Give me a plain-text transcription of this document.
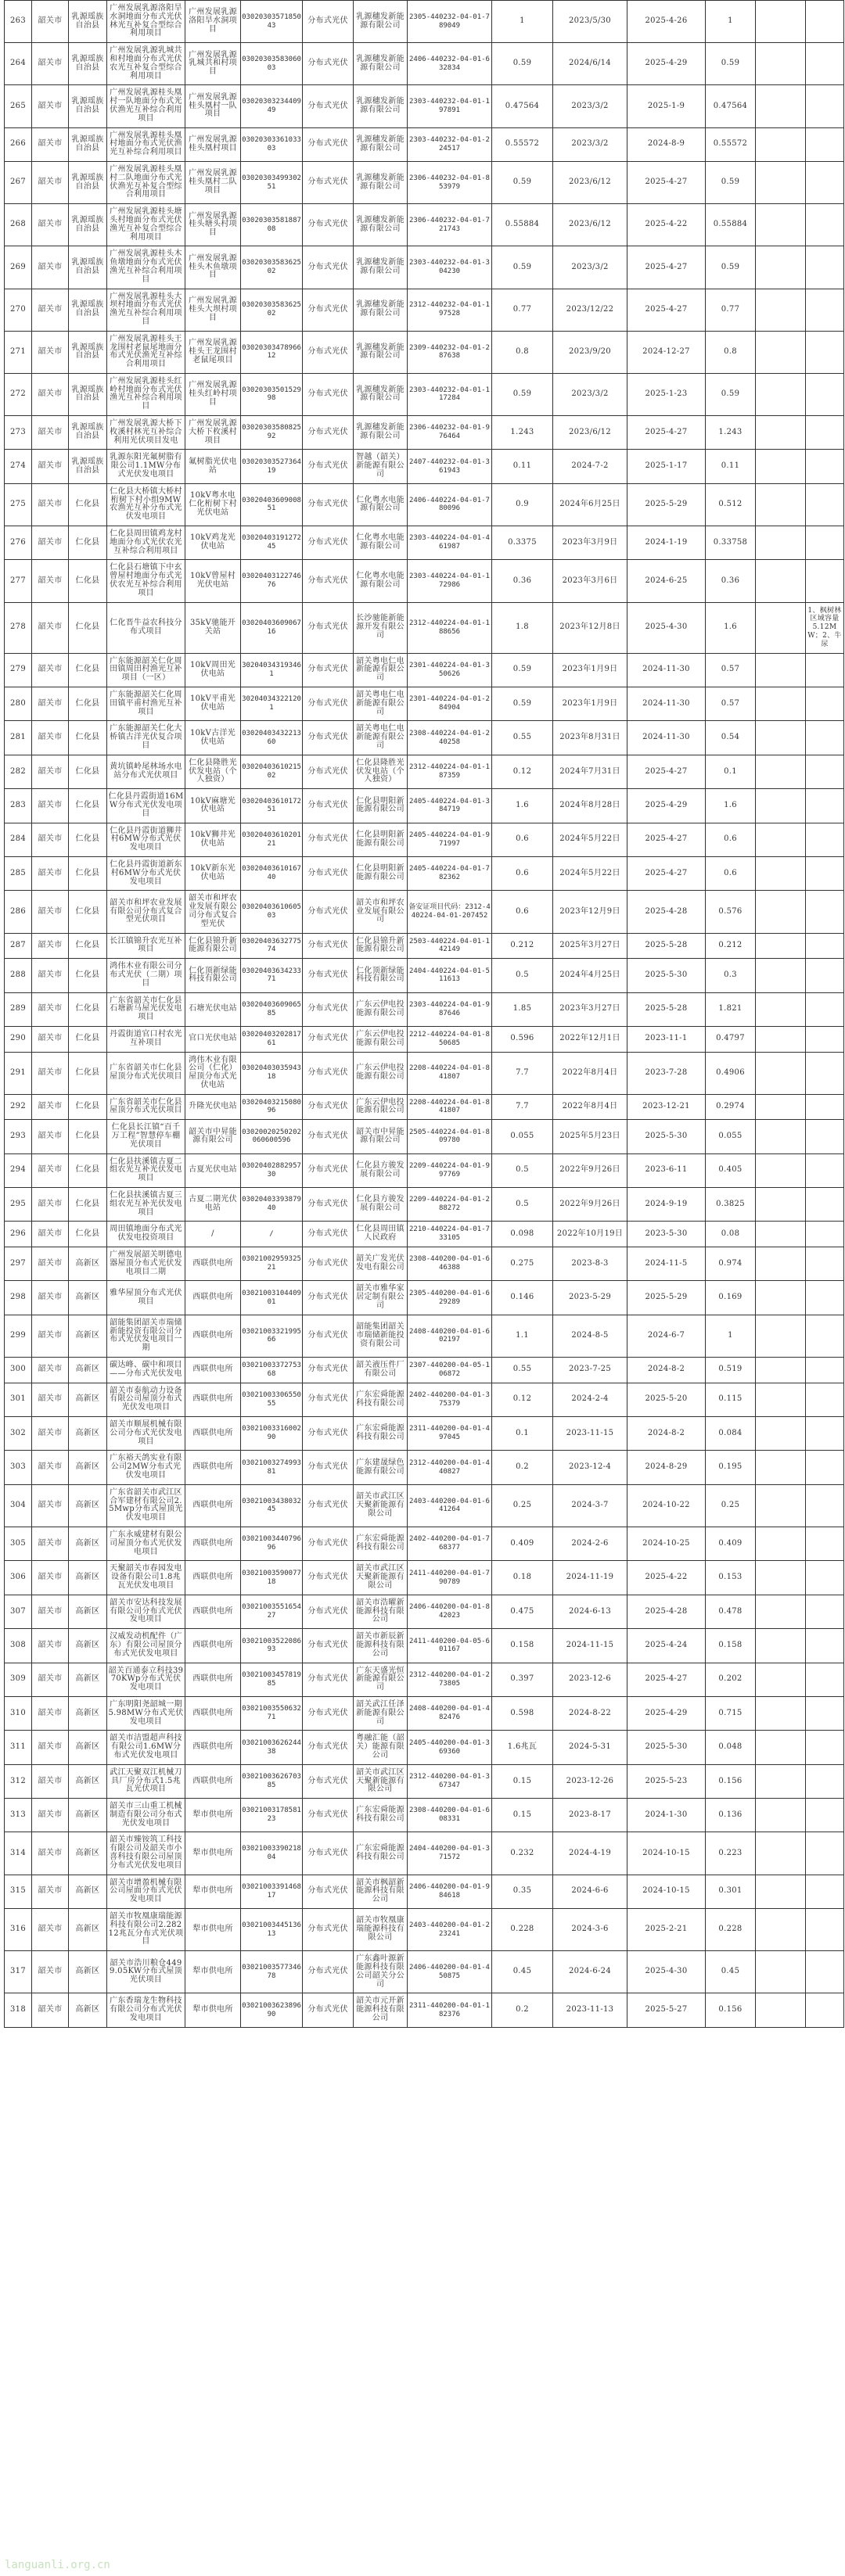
263	韶关市	乳源瑶族自治县	广州发展乳源洛阳旱水洞地面分布式光伏林光互补复合型综合利用项目	广州发展乳源洛阳旱水洞项目	0302030357185043	分布式光伏	乳源穗发新能源有限公司	2305-440232-04-01-789049	1	2023/5/30	2025-4-26	1		
264	韶关市	乳源瑶族自治县	广州发展乳源乳城共和村地面分布式光伏农光互补复合型综合利用项目	广州发展乳源乳城共和村项目	0302030358306003	分布式光伏	乳源穗发新能源有限公司	2406-440232-04-01-632834	0.59	2024/6/14	2025-4-29	0.59		
265	韶关市	乳源瑶族自治县	广州发展乳源桂头凰村一队地面分布式光伏渔光互补综合利用项目	广州发展乳源桂头凰村一队项目	0302030323440949	分布式光伏	乳源穗发新能源有限公司	2303-440232-04-01-197891	0.47564	2023/3/2	2025-1-9	0.47564		
266	韶关市	乳源瑶族自治县	广州发展乳源桂头凰村地面分布式光伏渔光互补综合利用项目	广州发展乳源桂头凰村项目	0302030336103303	分布式光伏	乳源穗发新能源有限公司	2303-440232-04-01-224517	0.55572	2023/3/2	2024-8-9	0.55572		
267	韶关市	乳源瑶族自治县	广州发展乳源桂头凰村二队地面分布式光伏渔光互补复合型综合利用项目	广州发展乳源桂头凰村二队项目	0302030349930251	分布式光伏	乳源穗发新能源有限公司	2306-440232-04-01-853979	0.59	2023/6/12	2025-4-27	0.59		
268	韶关市	乳源瑶族自治县	广州发展乳源桂头塘头村地面分布式光伏渔光互补复合型综合利用项目	广州发展乳源桂头塘头村项目	0302030358188708	分布式光伏	乳源穗发新能源有限公司	2306-440232-04-01-721743	0.55884	2023/6/12	2025-4-22	0.55884		
269	韶关市	乳源瑶族自治县	广州发展乳源桂头木鱼墩地面分布式光伏渔光互补综合利用项目	广州发展乳源桂头木鱼墩项目	0302030358362502	分布式光伏	乳源穗发新能源有限公司	2303-440232-04-01-304230	0.59	2023/3/2	2025-4-27	0.59		
270	韶关市	乳源瑶族自治县	广州发展乳源桂头大坝村地面分布式光伏渔光互补综合利用项目	广州发展乳源桂头大坝村项目	0302030358362502	分布式光伏	乳源穗发新能源有限公司	2312-440232-04-01-197528	0.77	2023/12/22	2025-4-27	0.77		
271	韶关市	乳源瑶族自治县	广州发展乳源桂头王龙围村老鼠尾地面分布式光伏渔光互补综合利用项目	广州发展乳源桂头王龙围村老鼠尾项目	0302030347896612	分布式光伏	乳源穗发新能源有限公司	2309-440232-04-01-287638	0.8	2023/9/20	2024-12-27	0.8		
272	韶关市	乳源瑶族自治县	广州发展乳源桂头红岭村地面分布式光伏渔光互补综合利用项目	广州发展乳源桂头红岭村项目	0302030350152998	分布式光伏	乳源穗发新能源有限公司	2303-440232-04-01-117284	0.59	2023/3/2	2025-1-23	0.59		
273	韶关市	乳源瑶族自治县	广州发展乳源大桥下枚溪村林光互补综合利用光伏项目发电	广州发展乳源大桥下枚溪村项目	0302030358082592	分布式光伏	乳源穗发新能源有限公司	2306-440232-04-01-976464	1.243	2023/6/12	2025-4-27	1.243		
274	韶关市	乳源瑶族自治县	乳源东阳光氟树脂有限公司1.1MW分布式光伏发电项目	氟树脂光伏电站	0302030352736419	分布式光伏	智越（韶关）新能源有限公司	2407-440232-04-01-361943	0.11	2024-7-2	2025-1-17	0.11		
275	韶关市	仁化县	仁化县大桥镇大桥村桁树下村小组9MW农渔光互补分布式光伏发电项目	10kV粤水电仁化桁树下村光伏电站	0302040360900851	分布式光伏	仁化粤水电能源有限公司	2406-440224-04-01-780096	0.9	2024年6月25日	2025-5-29	0.512		
276	韶关市	仁化县	仁化县周田镇鸡龙村地面分布式光伏农光互补综合利用项目	10kV鸡龙光伏电站	0302040319127245	分布式光伏	仁化粤水电能源有限公司	2303-440224-04-01-461987	0.3375	2023年3月9日	2024-1-19	0.33758		
277	韶关市	仁化县	仁化县石塘镇下中玄曾屋村地面分布式光伏农光互补综合利用项目	10kV曾屋村光伏电站	0302040312274676	分布式光伏	仁化粤水电能源有限公司	2303-440224-04-01-172986	0.36	2023年3月6日	2024-6-25	0.36		
278	韶关市	仁化县	仁化晋牛益农科技分布式项目	35kV驰能开关站	0302040360906716	分布式光伏	长沙驰能新能源开发有限公司	2312-440224-04-01-188656	1.8	2023年12月8日	2025-4-30	1.6		1、枫树林区域容量5.12MW；2、牛尿
279	韶关市	仁化县	广东能源韶关仁化周田镇周田村渔光互补项目（一区）	10kV周田光伏电站	302040343193461	分布式光伏	韶关粤电仁电新能源有限公司	2301-440224-04-01-350626	0.59	2023年1月9日	2024-11-30	0.57		
280	韶关市	仁化县	广东能源韶关仁化周田镇平甫村渔光互补项目	10kV平甫光伏电站	302040343221201	分布式光伏	韶关粤电仁电新能源有限公司	2301-440224-04-01-284904	0.59	2023年1月9日	2024-11-30	0.57		
281	韶关市	仁化县	广东能源韶关仁化大桥镇古洋光伏复合项目	10kV古洋光伏电站	0302040343221360	分布式光伏	韶关粤电仁电新能源有限公司	2308-440224-04-01-240258	0.55	2023年8月31日	2024-11-30	0.54		
282	韶关市	仁化县	黄坑镇岭尾林场水电站分布式光伏项目	仁化县隆胜光伏发电站（个人独资）	0302040361021502	分布式光伏	仁化县隆胜光伏发电站（个人独资）	2312-440224-04-01-187359	0.12	2024年7月31日	2025-4-27	0.1		
283	韶关市	仁化县	仁化县丹霞街道16MW分布式光伏发电项目	10kV麻塘光伏电站	0302040361017251	分布式光伏	仁化县明阳新能源有限公司	2405-440224-04-01-384719	1.6	2024年8月28日	2025-4-29	1.6		
284	韶关市	仁化县	仁化县丹霞街道狮井村6MW分布式光伏发电项目	10kV狮井光伏电站	0302040361020121	分布式光伏	仁化县明阳新能源有限公司	2405-440224-04-01-971997	0.6	2024年5月22日	2025-4-27	0.6		
285	韶关市	仁化县	仁化县丹霞街道新东村6MW分布式光伏发电项目	10kV新东光伏电站	0302040361016740	分布式光伏	仁化县明阳新能源有限公司	2405-440224-04-01-782362	0.6	2024年5月22日	2025-4-27	0.6		
286	韶关市	仁化县	韶关市和坪农业发展有限公司分布式复合型光伏项目	韶关市和坪农业发展有限公司分布式复合型光伏	0302040361060503	分布式光伏	韶关市和坪农业发展有限公司	备安证项目代码：2312-440224-04-01-207452	0.6	2023年12月9日	2025-4-28	0.576		
287	韶关市	仁化县	长江镇锦升农光互补项目	仁化县锦升新能源有限公司	0302040363277574	分布式光伏	仁化县锦升新能源有限公司	2503-440224-04-01-142149	0.212	2025年3月27日	2025-5-28	0.212		
288	韶关市	仁化县	鸿伟木业有限公司分布式光伏（二期）项目	仁化顶新绿能科技有限公司	0302040363423371	分布式光伏	仁化顶新绿能科技有限公司	2404-440224-04-01-511613	0.5	2024年4月25日	2025-5-30	0.3		
289	韶关市	仁化县	广东省韶关市仁化县石塘新马屋光伏发电项目	石塘光伏电站	0302040360906585	分布式光伏	广东云伊电投能源有限公司	2303-440224-04-01-987646	1.85	2023年3月27日	2025-5-28	1.821		
290	韶关市	仁化县	丹霞街道官口村农光互补项目	官口光伏电站	0302040320281761	分布式光伏	广东云伊电投能源有限公司	2212-440224-04-01-850685	0.596	2022年12月1日	2023-11-1	0.4797		
291	韶关市	仁化县	广东省韶关市仁化县屋顶分布式光伏项目	鸿伟木业有限公司（仁化）屋顶分布式光伏电站	0302040303594318	分布式光伏	广东云伊电投能源有限公司	2208-440224-04-01-841807	7.7	2022年8月4日	2023-7-28	0.4906		
292	韶关市	仁化县	广东省韶关市仁化县屋顶分布式光伏项目	升隆光伏电站	0302040321508096	分布式光伏	广东云伊电投能源有限公司	2208-440224-04-01-841807	7.7	2022年8月4日	2023-12-21	0.2974		
293	韶关市	仁化县	仁化县长江镇“百千万工程”智慧停车棚光伏项目	韶关市中昇能源有限公司	03020020250202060600596	分布式光伏	韶关市中昇能源有限公司	2505-440224-04-01-809780	0.055	2025年5月23日	2025-5-30	0.055		
294	韶关市	仁化县	仁化县扶溪镇古夏二组农光互补光伏发电项目	古夏光伏电站	0302040288295730	分布式光伏	仁化县方骏发展有限公司	2209-440224-04-01-997769	0.5	2022年9月26日	2023-6-11	0.405		
295	韶关市	仁化县	仁化县扶溪镇古夏三组农光互补光伏发电项目	古夏二期光伏电站	0302040339387940	分布式光伏	仁化县方骏发展有限公司	2209-440224-04-01-288272	0.5	2022年9月26日	2024-9-19	0.3825		
296	韶关市	仁化县	周田镇地面分布式光伏发电投资项目	/	/	分布式光伏	仁化县周田镇人民政府	2210-440224-04-01-733105	0.098	2022年10月19日	2023-5-30	0.08		
297	韶关市	高新区	广州发展韶关明德电器屋顶分布式光伏发电项目二期	西联供电所	0302100295932521	分布式光伏	韶关广发光伏发电有限公司	2308-440200-04-01-646388	0.275	2023-8-3	2024-11-5	0.974		
298	韶关市	高新区	雅华屋顶分布式光伏项目	西联供电所	0302100310440901	分布式光伏	韶关市雅华家居定制有限公司	2305-440200-04-01-629289	0.146	2023-5-29	2025-5-29	0.169		
299	韶关市	高新区	韶能集团韶关市瑞储新能投资有限公司分布式光伏发电项目一期	西联供电所	0302100332199566	分布式光伏	韶能集团韶关市瑞储新能投资有限公司	2408-440200-04-01-602197	1.1	2024-8-5	2024-6-7	1		
300	韶关市	高新区	碳达峰、碳中和项目——分布式光伏发电	西联供电所	0302100337275368	分布式光伏	韶关液压件厂有限公司	2307-440200-04-05-106872	0.55	2023-7-25	2024-8-2	0.519		
301	韶关市	高新区	韶关市泰航动力设备有限公司屋顶分布式光伏发电项目	西联供电所	0302100330655055	分布式光伏	广东宏舜能源科技有限公司	2402-440200-04-01-375379	0.12	2024-2-4	2025-5-20	0.115		
302	韶关市	高新区	韶关市顺展机械有限公司分布式光伏发电项目	西联供电所	0302100331600290	分布式光伏	广东宏舜能源科技有限公司	2311-440200-04-01-497045	0.1	2023-11-15	2024-8-2	0.084		
303	韶关市	高新区	广东裕天鸽实业有限公司2MW分布式光伏发电项目	西联供电所	0302100327499381	分布式光伏	广东建晟绿色能源有限公司	2312-440200-04-01-440827	0.2	2023-12-4	2024-8-29	0.195		
304	韶关市	高新区	广东省韶关市武江区合军建材有限公司2.5Mwp分布式屋顶光伏发电项目	西联供电所	0302100343803245	分布式光伏	韶关市武江区天聚新能源有限公司	2403-440200-04-01-641264	0.25	2024-3-7	2024-10-22	0.25		
305	韶关市	高新区	广东永威建材有限公司屋顶分布式光伏发电项目	西联供电所	0302100344079696	分布式光伏	广东宏舜能源科技有限公司	2402-440200-04-01-768377	0.409	2024-2-6	2024-10-25	0.409		
306	韶关市	高新区	天聚韶关市春园发电设备有限公司1.8兆瓦光伏发电项目	西联供电所	0302100359007718	分布式光伏	韶关市武江区天聚新能源有限公司	2411-440200-04-01-790789	0.18	2024-11-19	2025-4-22	0.153		
307	韶关市	高新区	韶关市安达科技发展有限公司分布式光伏发电项目	西联供电所	0302100355165427	分布式光伏	韶关市浩曜新能源科技有限公司	2406-440200-04-01-842023	0.475	2024-6-13	2025-4-28	0.478		
308	韶关市	高新区	汉威发动机配件（广东）有限公司屋顶分布式光伏发电项目	西联供电所	0302100352208693	分布式光伏	韶关市新辰新能源科技有限公司	2411-440200-04-05-601167	0.158	2024-11-15	2025-4-24	0.158		
309	韶关市	高新区	韶关百通泰立科技3970KWp分布式光伏发电项目	西联供电所	0302100345781985	分布式光伏	广东天盛光恒新能源有限公司	2312-440200-04-01-273805	0.397	2023-12-6	2025-4-27	0.202		
310	韶关市	高新区	广东明阳尧韶城一期5.98MW分布式光伏发电项目	西联供电所	0302100355063271	分布式光伏	韶关武江任泽新能源有限公司	2408-440200-04-01-482476	0.598	2024-8-22	2025-4-29	0.715		
311	韶关市	高新区	韶关市洁盟超声科技有限公司1.6MW分布式光伏发电项目	西联供电所	0302100362624438	分布式光伏	粤融汇能（韶关）能源有限公司	2405-440200-04-01-369360	1.6兆瓦	2024-5-31	2025-5-30	0.048		
312	韶关市	高新区	武江天聚双江机械刀具厂房分布式1.5兆瓦光伏项目	西联供电所	0302100362670385	分布式光伏	韶关市武江区天聚新能源有限公司	2312-440200-04-01-367347	0.15	2023-12-26	2025-5-23	0.156		
313	韶关市	高新区	韶关市三山重工机械制造有限公司分布式光伏发电项目	犁市供电所	0302100317858123	分布式光伏	广东宏舜能源科技有限公司	2308-440200-04-01-608331	0.15	2023-8-17	2024-1-30	0.136		
314	韶关市	高新区	韶关市臻铵筑工科技有限公司及韶关市小喜科技有限公司屋顶分布式光伏发电项目	犁市供电所	0302100339021804	分布式光伏	广东宏舜能源科技有限公司	2404-440200-04-01-371572	0.232	2024-4-19	2024-10-15	0.223		
315	韶关市	高新区	韶关市增盈机械有限公司屋面分布式光伏发电项目	犁市供电所	0302100339146817	分布式光伏	韶关市枫韶新能源科技有限公司	2406-440200-04-01-984618	0.35	2024-6-6	2024-10-15	0.301		
316	韶关市	高新区	韶关市牧凰康瑞能源科技有限公司2.28212兆瓦分布式光伏项目	犁市供电所	0302100344513613	分布式光伏	韶关市牧凰康瑞能源科技有限公司	2403-440200-04-01-223241	0.228	2024-3-6	2025-2-21	0.228		
317	韶关市	高新区	韶关市浩川粮仓4499.05KW分布式屋顶光伏项目	犁市供电所	0302100357734678	分布式光伏	广东鑫叶源新能源科技有限公司韶关分公司	2406-440200-04-01-450875	0.45	2024-6-24	2025-4-30	0.45		
318	韶关市	高新区	广东香瑞龙生物科技有限公司分布式光伏发电项目	犁市供电所	0302100362389690	分布式光伏	韶关市元开新能源科技有限公司	2311-440200-04-01-182376	0.2	2023-11-13	2025-5-27	0.156		
languanli.org.cn
